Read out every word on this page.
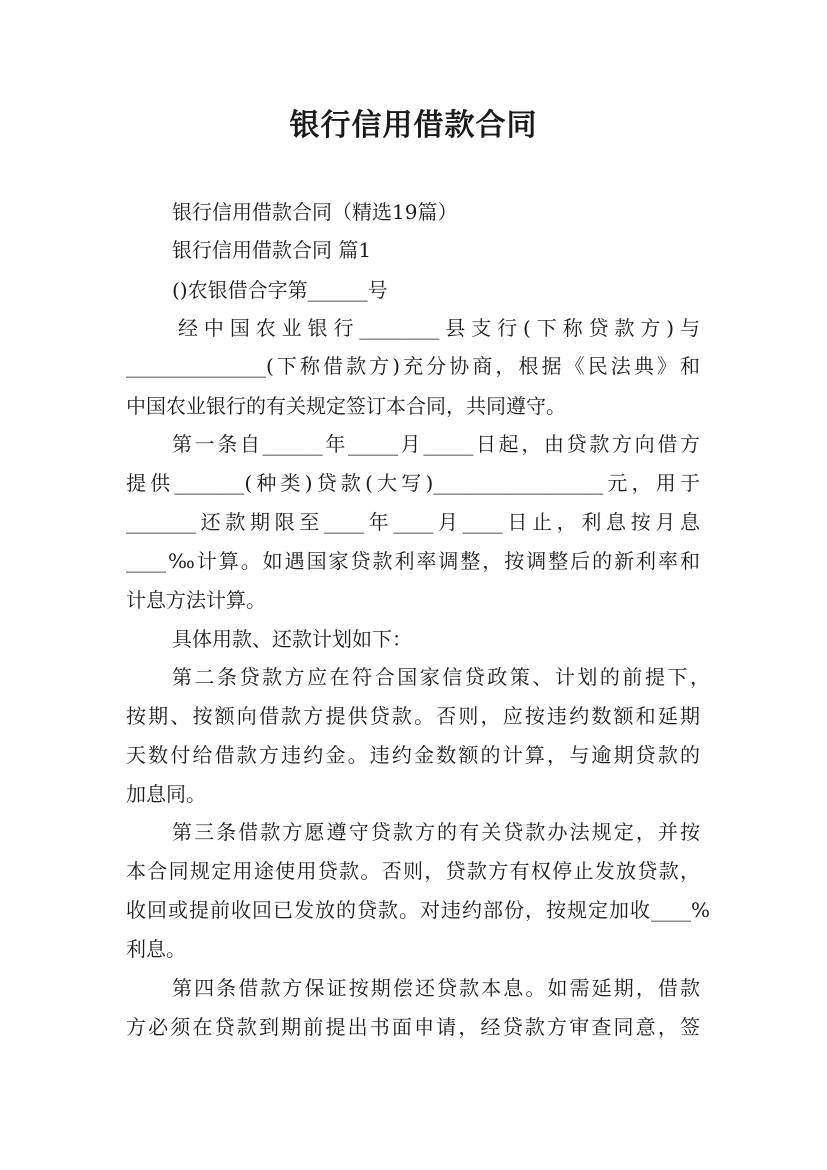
银行信用借款合同
银行信用借款合同（精选19篇）
银行信用借款合同 篇1
()农银借合字第______号
经中国农业银行________县支行(下称贷款方)与
______________(下称借款方)充分协商，根据《民法典》和
中国农业银行的有关规定签订本合同，共同遵守。
第一条自______年_____月_____日起，由贷款方向借方
提供_______(种类)贷款(大写)_________________元，用于
_______还款期限至____年____月____日止，利息按月息
____‰计算。如遇国家贷款利率调整，按调整后的新利率和
计息方法计算。
具体用款、还款计划如下：
第二条贷款方应在符合国家信贷政策、计划的前提下，
按期、按额向借款方提供贷款。否则，应按违约数额和延期
天数付给借款方违约金。违约金数额的计算，与逾期贷款的
加息同。
第三条借款方愿遵守贷款方的有关贷款办法规定，并按
本合同规定用途使用贷款。否则，贷款方有权停止发放贷款，
收回或提前收回已发放的贷款。对违约部份，按规定加收____%
利息。
第四条借款方保证按期偿还贷款本息。如需延期，借款
方必须在贷款到期前提出书面申请，经贷款方审查同意，签
